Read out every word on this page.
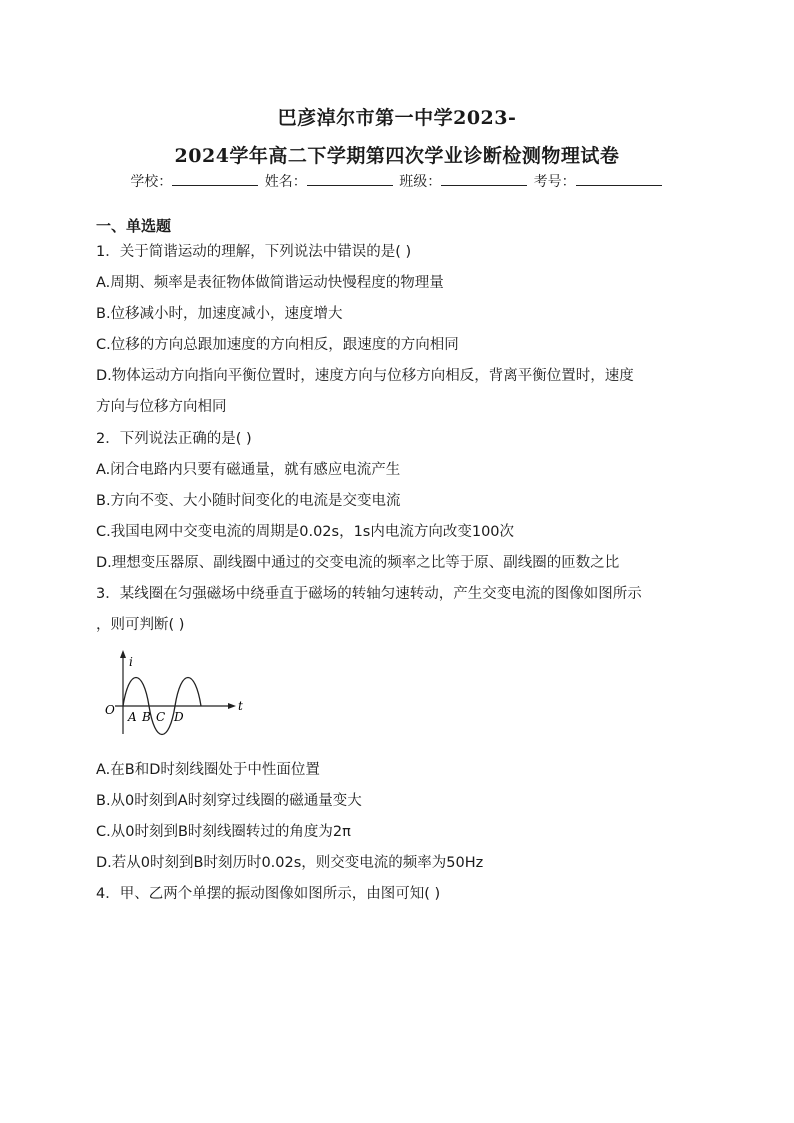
巴彦淖尔市第一中学2023-
2024学年高二下学期第四次学业诊断检测物理试卷
学校：	姓名：	班级：	考号：
一、单选题
1．关于简谐运动的理解，下列说法中错误的是( )
A.周期、频率是表征物体做简谐运动快慢程度的物理量
B.位移减小时，加速度减小，速度增大
C.位移的方向总跟加速度的方向相反，跟速度的方向相同
D.物体运动方向指向平衡位置时，速度方向与位移方向相反，背离平衡位置时，速度
方向与位移方向相同
2．下列说法正确的是( )
A.闭合电路内只要有磁通量，就有感应电流产生
B.方向不变、大小随时间变化的电流是交变电流
C.我国电网中交变电流的周期是0.02s，1s内电流方向改变100次
D.理想变压器原、副线圈中通过的交变电流的频率之比等于原、副线圈的匝数之比
3．某线圈在匀强磁场中绕垂直于磁场的转轴匀速转动，产生交变电流的图像如图所示
，则可判断( )
i
t
O A B C D
A.在B和D时刻线圈处于中性面位置
B.从0时刻到A时刻穿过线圈的磁通量变大
C.从0时刻到B时刻线圈转过的角度为2π
D.若从0时刻到B时刻历时0.02s，则交变电流的频率为50Hz
4．甲、乙两个单摆的振动图像如图所示，由图可知( )
